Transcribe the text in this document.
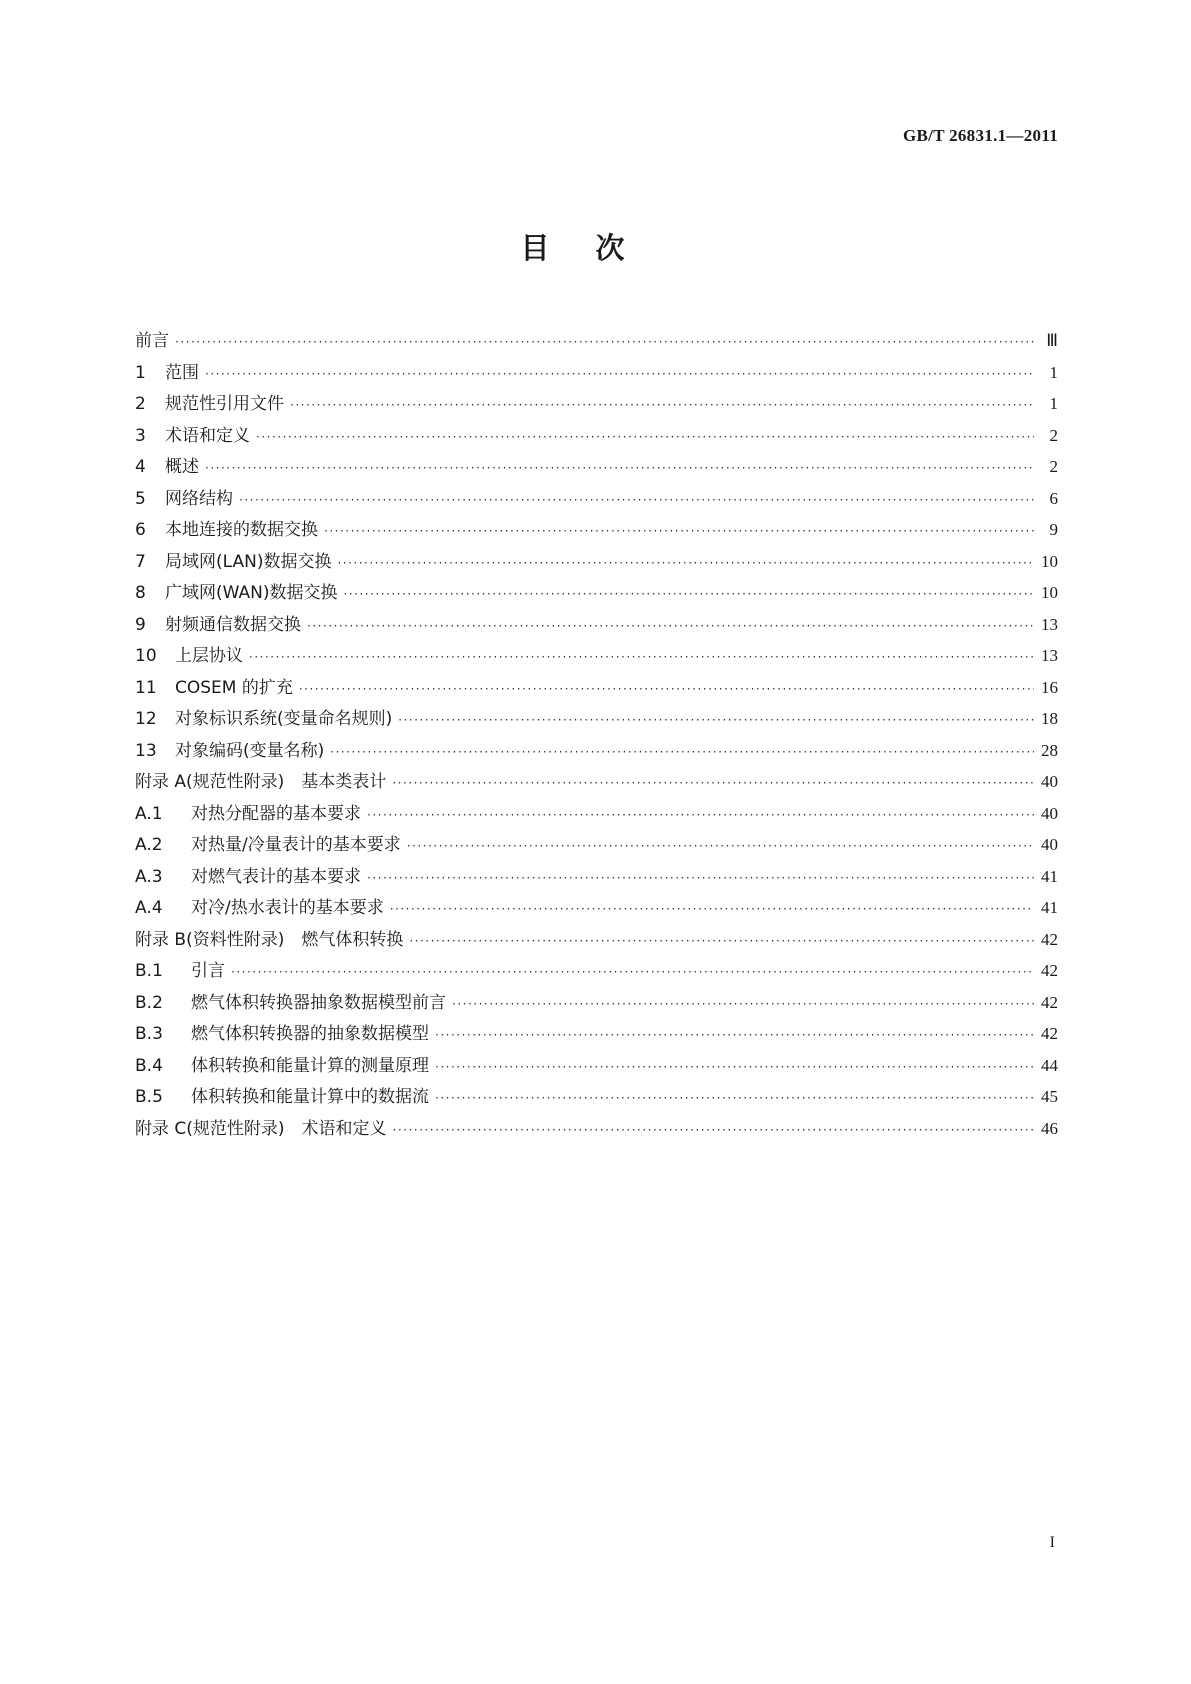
GB/T 26831.1—2011
目次
前言 ·····	Ⅲ
1	范围 ·····	1
2	规范性引用文件 ·····	1
3	术语和定义 ·····	2
4	概述 ·····	2
5	网络结构 ·····	6
6	本地连接的数据交换 ·····	9
7	局域网(LAN)数据交换 ·····	10
8	广域网(WAN)数据交换 ·····	10
9	射频通信数据交换 ·····	13
10	上层协议 ·····	13
11	COSEM 的扩充 ·····	16
12	对象标识系统(变量命名规则) ·····	18
13	对象编码(变量名称) ·····	28
附录 A(规范性附录)　基本类表计 ·····	40
A.1	对热分配器的基本要求 ·····	40
A.2	对热量/冷量表计的基本要求 ·····	40
A.3	对燃气表计的基本要求 ·····	41
A.4	对冷/热水表计的基本要求 ·····	41
附录 B(资料性附录)　燃气体积转换 ·····	42
B.1	引言 ·····	42
B.2	燃气体积转换器抽象数据模型前言 ·····	42
B.3	燃气体积转换器的抽象数据模型 ·····	42
B.4	体积转换和能量计算的测量原理 ·····	44
B.5	体积转换和能量计算中的数据流 ·····	45
附录 C(规范性附录)　术语和定义 ·····	46
I
